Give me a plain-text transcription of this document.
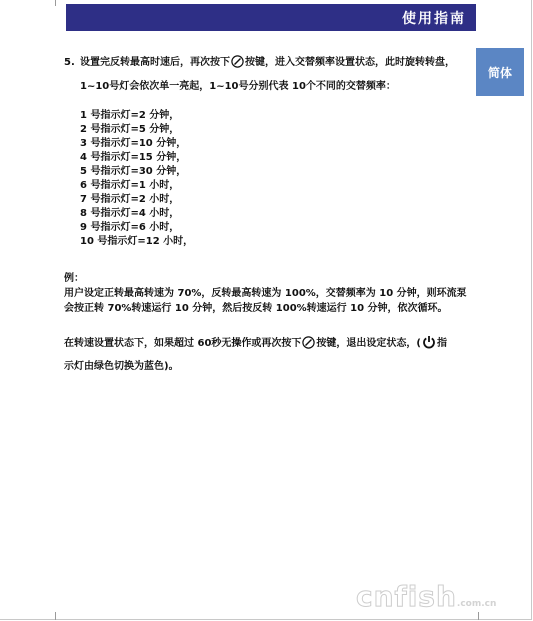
使用指南
简体
5. 设置完反转最高时速后，再次按下 按键，进入交替频率设置状态，此时旋转转盘，
1~10号灯会依次单一亮起，1~10号分别代表 10个不同的交替频率：
1 号指示灯=2 分钟，
2 号指示灯=5 分钟，
3 号指示灯=10 分钟，
4 号指示灯=15 分钟，
5 号指示灯=30 分钟，
6 号指示灯=1 小时，
7 号指示灯=2 小时，
8 号指示灯=4 小时，
9 号指示灯=6 小时，
10 号指示灯=12 小时，
例：
用户设定正转最高转速为 70%，反转最高转速为 100%，交替频率为 10 分钟，则环流泵
会按正转 70%转速运行 10 分钟，然后按反转 100%转速运行 10 分钟，依次循环。
在转速设置状态下，如果超过 60秒无操作或再次按下 按键，退出设定状态，( 指
示灯由绿色切换为蓝色)。
cnfish.com.cn
